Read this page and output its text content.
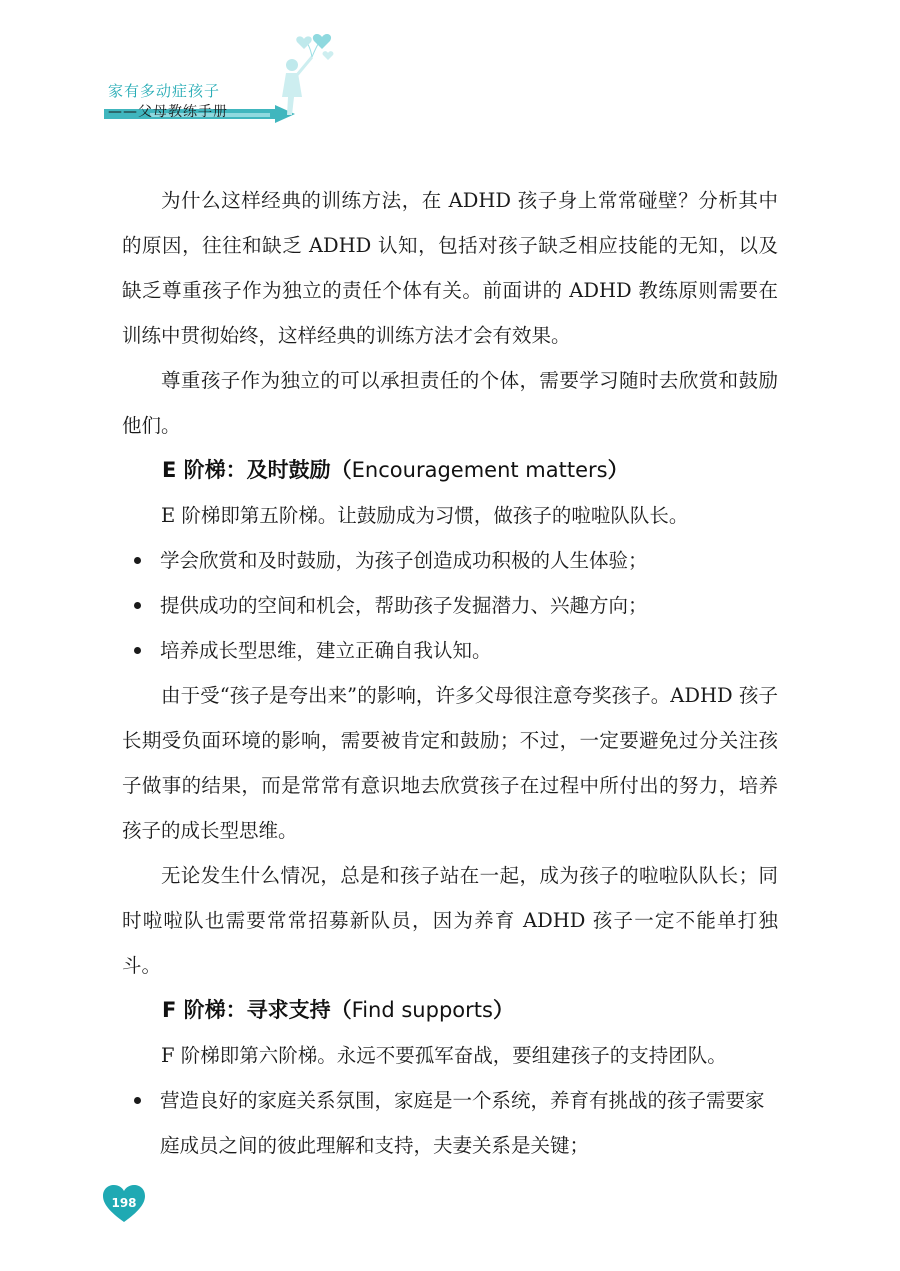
家有多动症孩子
——父母教练手册

为什么这样经典的训练方法，在 ADHD 孩子身上常常碰壁？分析其中的原因，往往和缺乏 ADHD 认知，包括对孩子缺乏相应技能的无知，以及缺乏尊重孩子作为独立的责任个体有关。前面讲的 ADHD 教练原则需要在训练中贯彻始终，这样经典的训练方法才会有效果。

尊重孩子作为独立的可以承担责任的个体，需要学习随时去欣赏和鼓励他们。

E 阶梯：及时鼓励（Encouragement matters）

E 阶梯即第五阶梯。让鼓励成为习惯，做孩子的啦啦队队长。

学会欣赏和及时鼓励，为孩子创造成功积极的人生体验；
提供成功的空间和机会，帮助孩子发掘潜力、兴趣方向；
培养成长型思维，建立正确自我认知。

由于受“孩子是夸出来”的影响，许多父母很注意夸奖孩子。ADHD 孩子长期受负面环境的影响，需要被肯定和鼓励；不过，一定要避免过分关注孩子做事的结果，而是常常有意识地去欣赏孩子在过程中所付出的努力，培养孩子的成长型思维。

无论发生什么情况，总是和孩子站在一起，成为孩子的啦啦队队长；同时啦啦队也需要常常招募新队员，因为养育 ADHD 孩子一定不能单打独斗。

F 阶梯：寻求支持（Find supports）

F 阶梯即第六阶梯。永远不要孤军奋战，要组建孩子的支持团队。

营造良好的家庭关系氛围，家庭是一个系统，养育有挑战的孩子需要家庭成员之间的彼此理解和支持，夫妻关系是关键；
198
